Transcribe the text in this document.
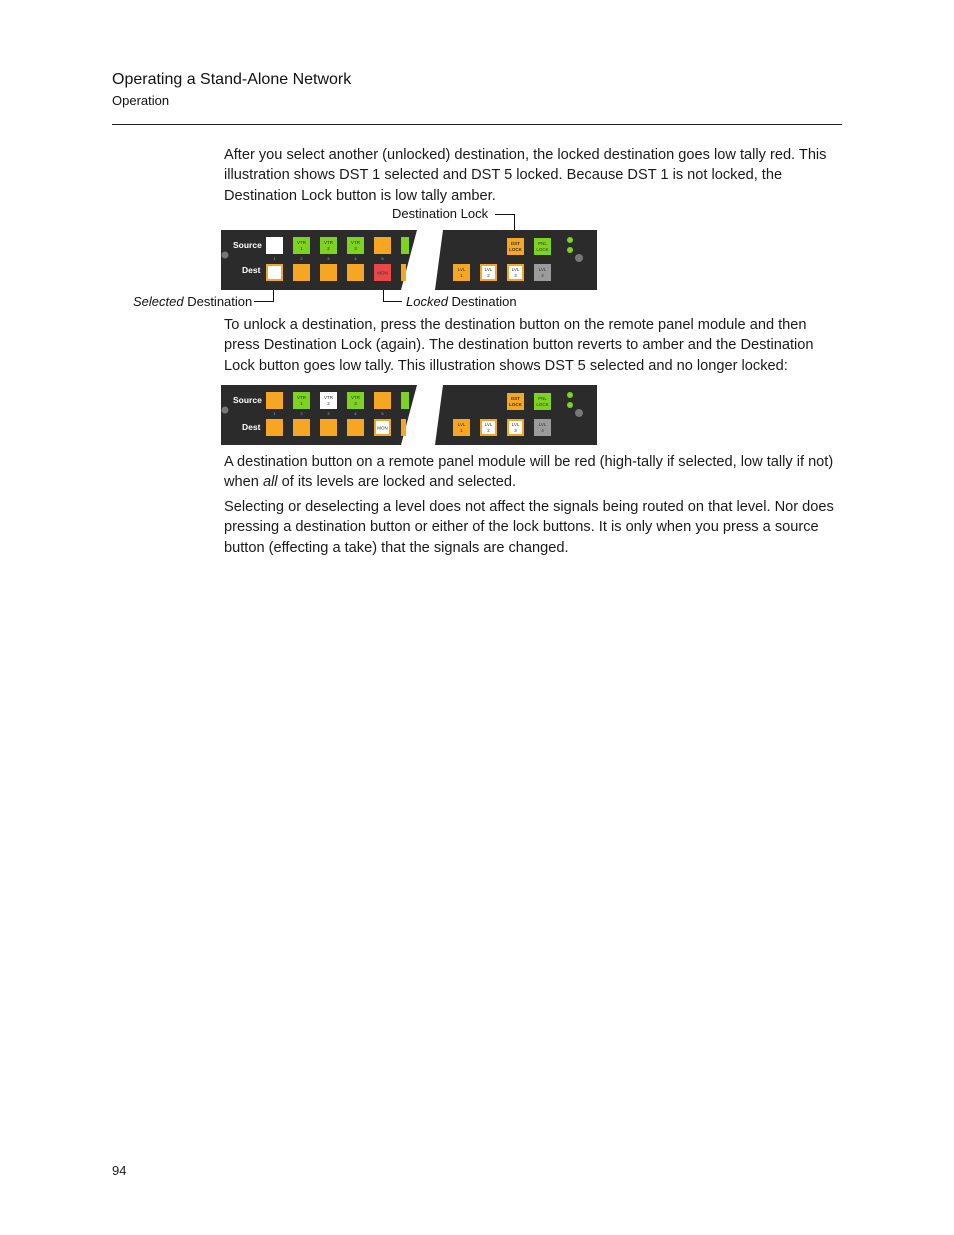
Operating a Stand-Alone Network
Operation
After you select another (unlocked) destination, the locked destination goes low tally red. This illustration shows DST 1 selected and DST 5 locked. Because DST 1 is not locked, the Destination Lock button is low tally amber.
Destination Lock
Source
Dest
VTR
1
VTR
2
VTR
3
1	2	3	4	5
MON
DST
LOCK
PNL
LOCK
LVL
1
LVL
2
LVL
3
LVL
4
Selected Destination	Locked Destination
To unlock a destination, press the destination button on the remote panel module and then press Destination Lock (again). The destination button reverts to amber and the Destination Lock button goes low tally. This illustration shows DST 5 selected and no longer locked:
Source
Dest
VTR
1
VTR
2
VTR
3
1	2	3	4	5
MON
DST
LOCK
PNL
LOCK
LVL
1
LVL
2
LVL
3
LVL
4
A destination button on a remote panel module will be red (high-tally if selected, low tally if not) when all of its levels are locked and selected.
Selecting or deselecting a level does not affect the signals being routed on that level. Nor does pressing a destination button or either of the lock buttons. It is only when you press a source button (effecting a take) that the signals are changed.
94
